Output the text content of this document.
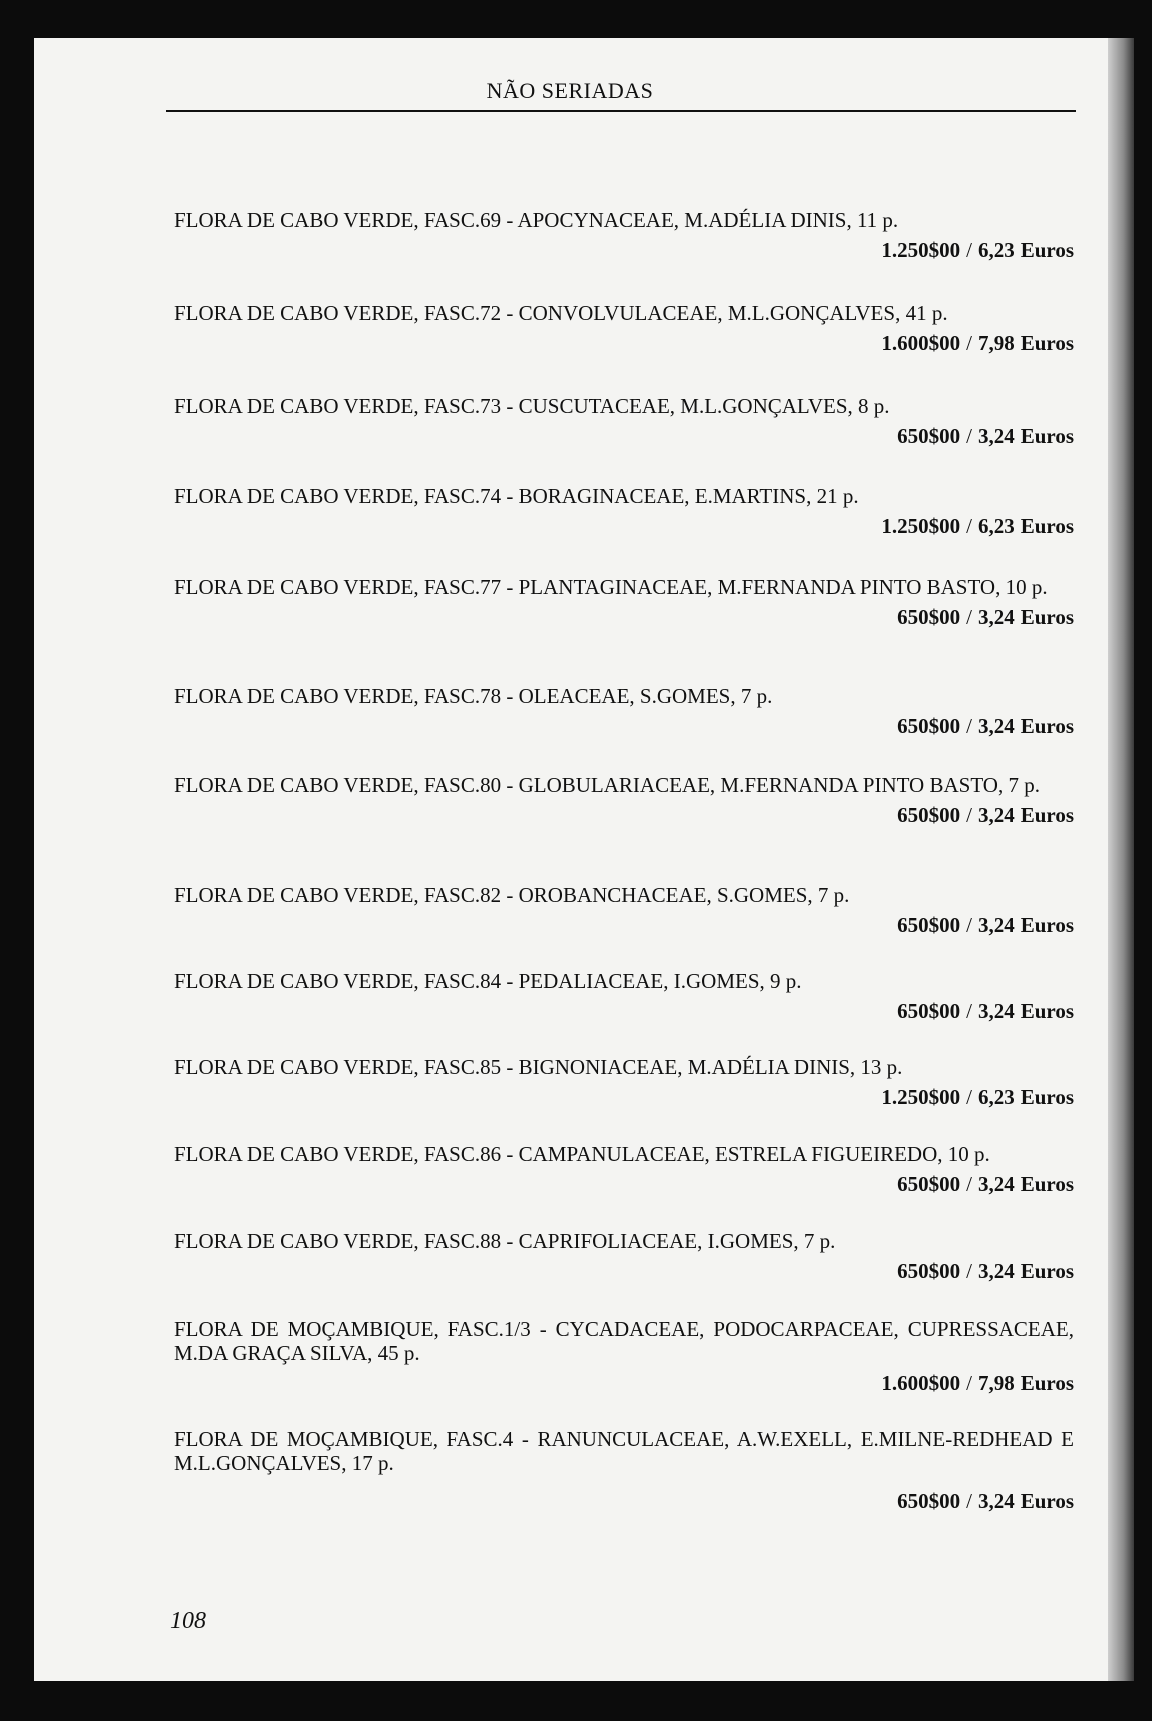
NÃO SERIADAS
FLORA DE CABO VERDE, FASC.69 - APOCYNACEAE, M.ADÉLIA DINIS, 11 p.
1.250$00 / 6,23 Euros
FLORA DE CABO VERDE, FASC.72 - CONVOLVULACEAE, M.L.GONÇALVES, 41 p.
1.600$00 / 7,98 Euros
FLORA DE CABO VERDE, FASC.73 - CUSCUTACEAE, M.L.GONÇALVES, 8 p.
650$00 / 3,24 Euros
FLORA DE CABO VERDE, FASC.74 - BORAGINACEAE, E.MARTINS, 21 p.
1.250$00 / 6,23 Euros
FLORA DE CABO VERDE, FASC.77 - PLANTAGINACEAE, M.FERNANDA PINTO BASTO, 10 p.
650$00 / 3,24 Euros
FLORA DE CABO VERDE, FASC.78 - OLEACEAE, S.GOMES, 7 p.
650$00 / 3,24 Euros
FLORA DE CABO VERDE, FASC.80 - GLOBULARIACEAE, M.FERNANDA PINTO BASTO, 7 p.
650$00 / 3,24 Euros
FLORA DE CABO VERDE, FASC.82 - OROBANCHACEAE, S.GOMES, 7 p.
650$00 / 3,24 Euros
FLORA DE CABO VERDE, FASC.84 - PEDALIACEAE, I.GOMES, 9 p.
650$00 / 3,24 Euros
FLORA DE CABO VERDE, FASC.85 - BIGNONIACEAE, M.ADÉLIA DINIS, 13 p.
1.250$00 / 6,23 Euros
FLORA DE CABO VERDE, FASC.86 - CAMPANULACEAE, ESTRELA FIGUEIREDO, 10 p.
650$00 / 3,24 Euros
FLORA DE CABO VERDE, FASC.88 - CAPRIFOLIACEAE, I.GOMES, 7 p.
650$00 / 3,24 Euros
FLORA DE MOÇAMBIQUE, FASC.1/3 - CYCADACEAE, PODOCARPACEAE, CUPRESSACEAE, M.DA GRAÇA SILVA, 45 p.
1.600$00 / 7,98 Euros
FLORA DE MOÇAMBIQUE, FASC.4 - RANUNCULACEAE, A.W.EXELL, E.MILNE-REDHEAD E M.L.GONÇALVES, 17 p.
650$00 / 3,24 Euros
108
